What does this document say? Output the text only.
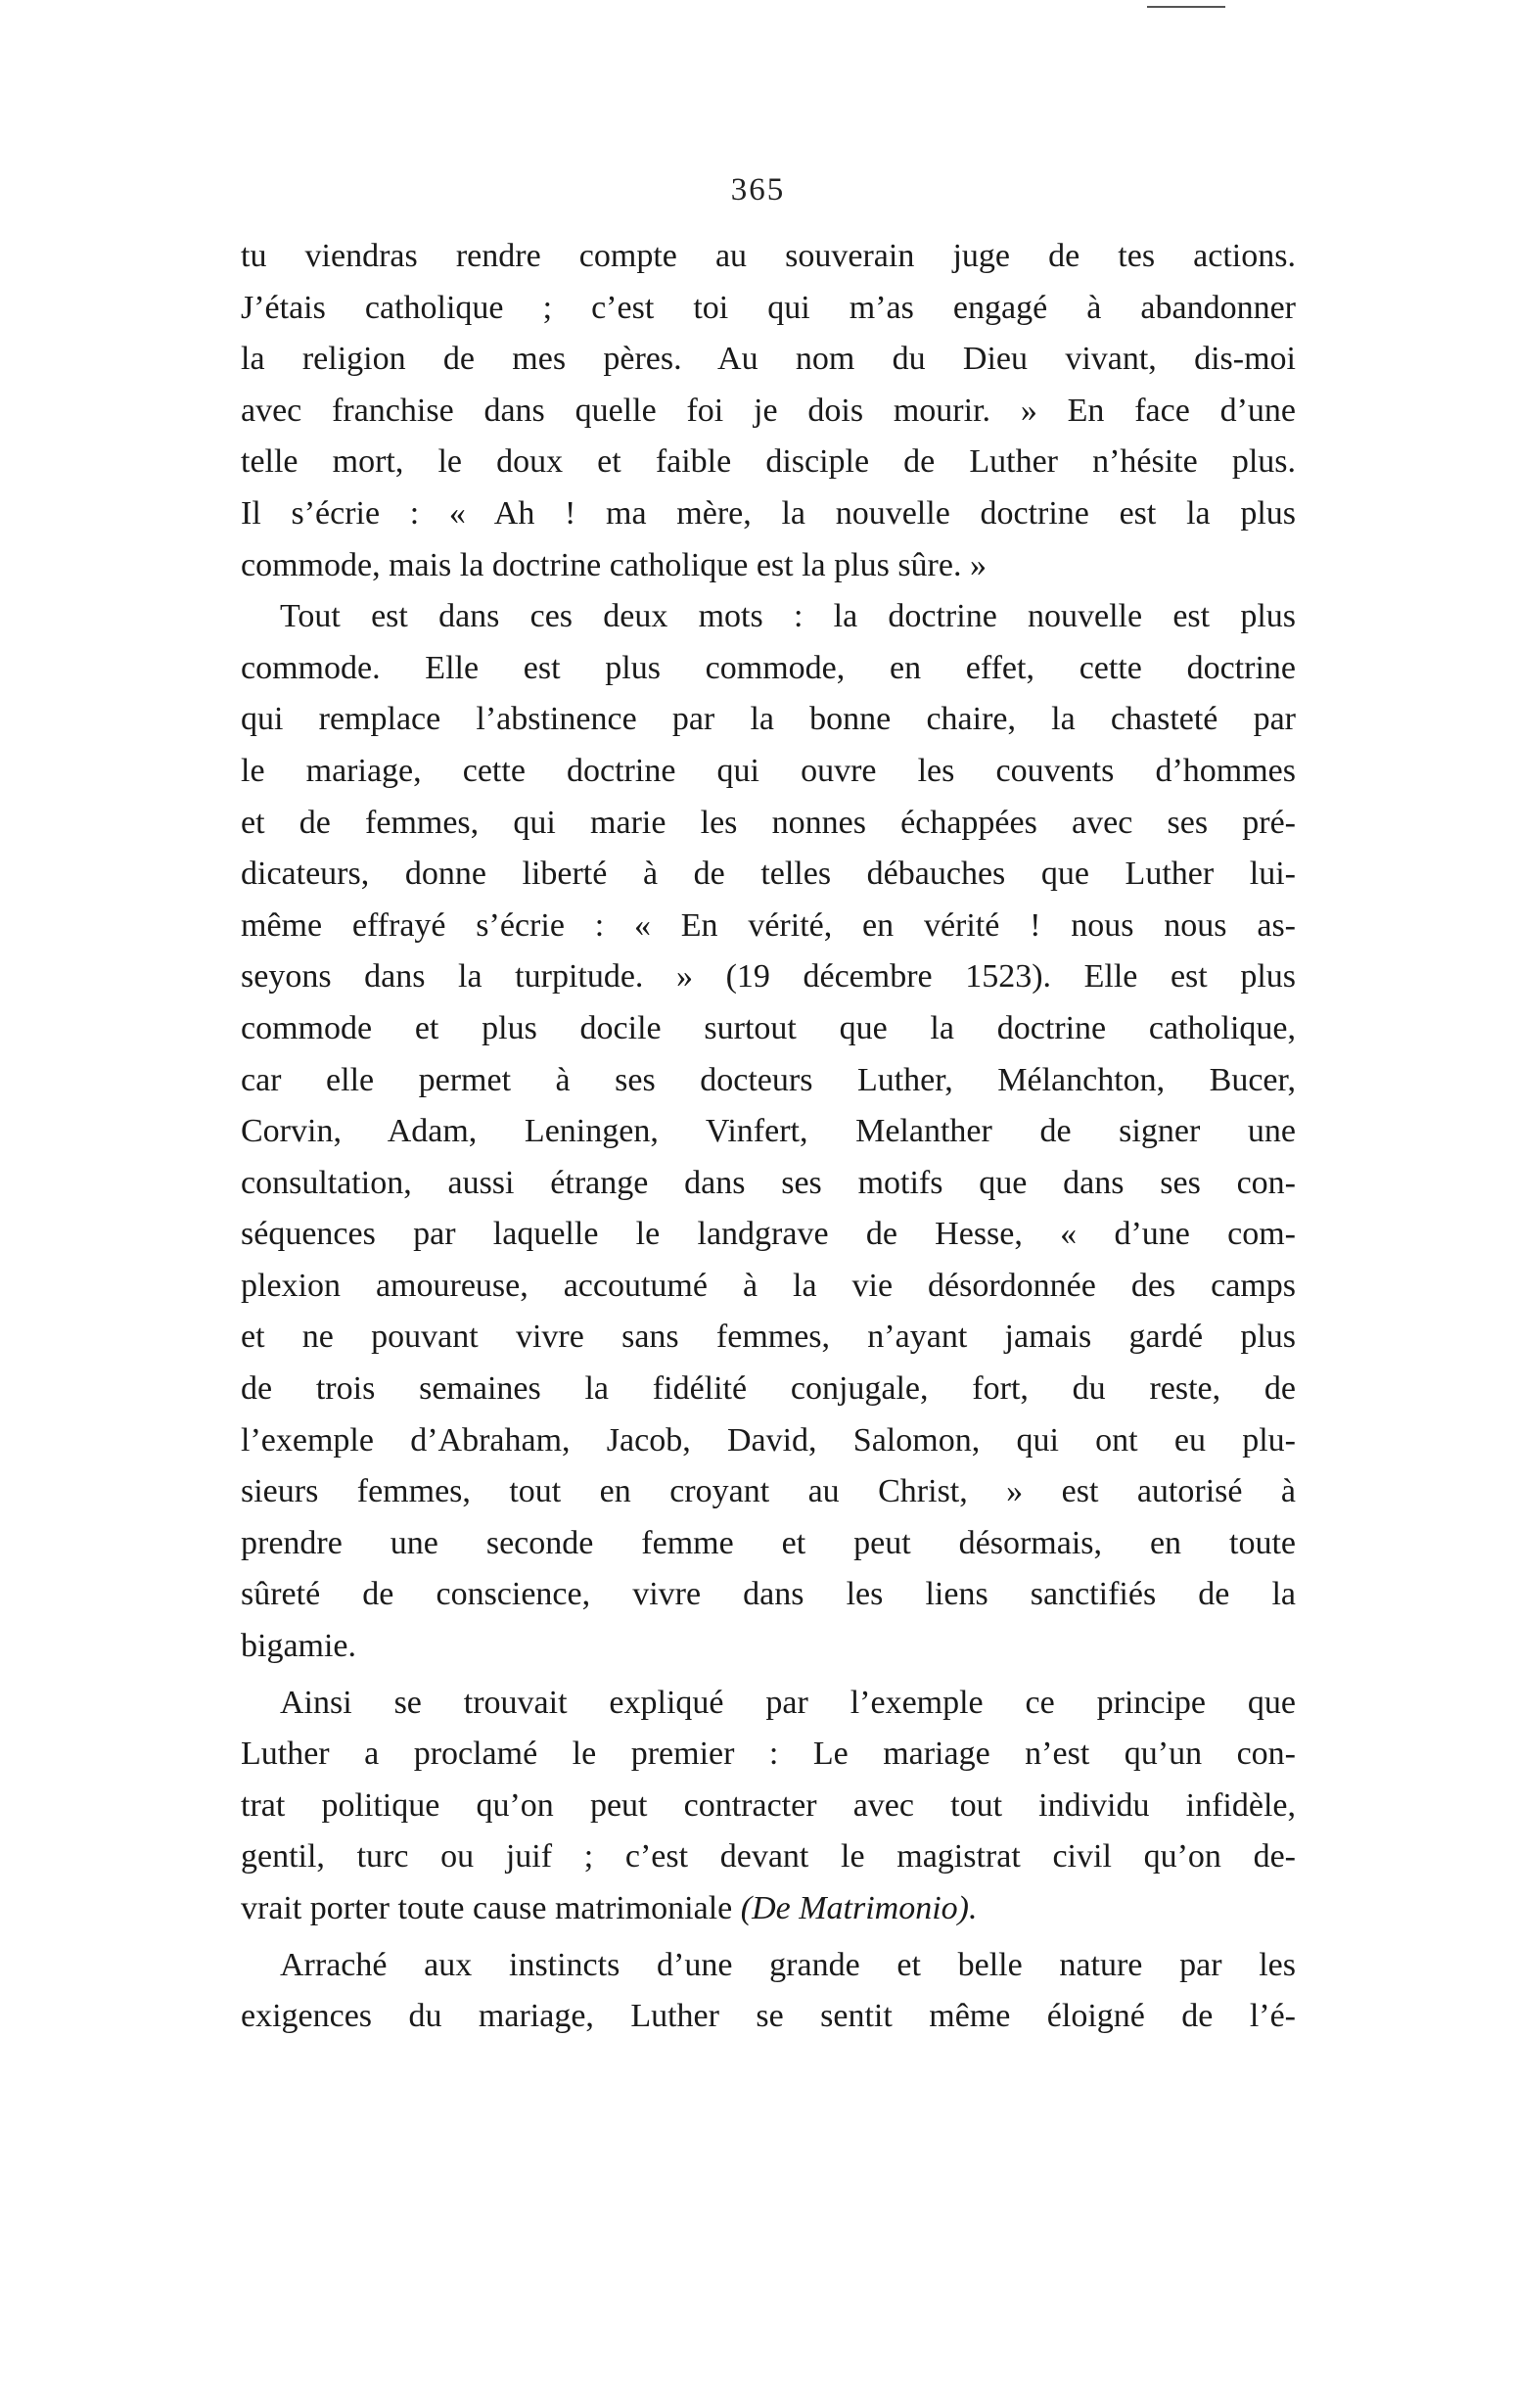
365
tu viendras rendre compte au souverain juge de tes actions.
J’étais catholique ; c’est toi qui m’as engagé à abandonner
la religion de mes pères. Au nom du Dieu vivant, dis-moi
avec franchise dans quelle foi je dois mourir. » En face d’une
telle mort, le doux et faible disciple de Luther n’hésite plus.
Il s’écrie : « Ah ! ma mère, la nouvelle doctrine est la plus
commode, mais la doctrine catholique est la plus sûre. »
Tout est dans ces deux mots : la doctrine nouvelle est plus
commode. Elle est plus commode, en effet, cette doctrine
qui remplace l’abstinence par la bonne chaire, la chasteté par
le mariage, cette doctrine qui ouvre les couvents d’hommes
et de femmes, qui marie les nonnes échappées avec ses pré-
dicateurs, donne liberté à de telles débauches que Luther lui-
même effrayé s’écrie : « En vérité, en vérité ! nous nous as-
seyons dans la turpitude. » (19 décembre 1523). Elle est plus
commode et plus docile surtout que la doctrine catholique,
car elle permet à ses docteurs Luther, Mélanchton, Bucer,
Corvin, Adam, Leningen, Vinfert, Melanther de signer une
consultation, aussi étrange dans ses motifs que dans ses con-
séquences par laquelle le landgrave de Hesse, « d’une com-
plexion amoureuse, accoutumé à la vie désordonnée des camps
et ne pouvant vivre sans femmes, n’ayant jamais gardé plus
de trois semaines la fidélité conjugale, fort, du reste, de
l’exemple d’Abraham, Jacob, David, Salomon, qui ont eu plu-
sieurs femmes, tout en croyant au Christ, » est autorisé à
prendre une seconde femme et peut désormais, en toute
sûreté de conscience, vivre dans les liens sanctifiés de la
bigamie.
Ainsi se trouvait expliqué par l’exemple ce principe que
Luther a proclamé le premier : Le mariage n’est qu’un con-
trat politique qu’on peut contracter avec tout individu infidèle,
gentil, turc ou juif ; c’est devant le magistrat civil qu’on de-
vrait porter toute cause matrimoniale (De Matrimonio).
Arraché aux instincts d’une grande et belle nature par les
exigences du mariage, Luther se sentit même éloigné de l’é-
